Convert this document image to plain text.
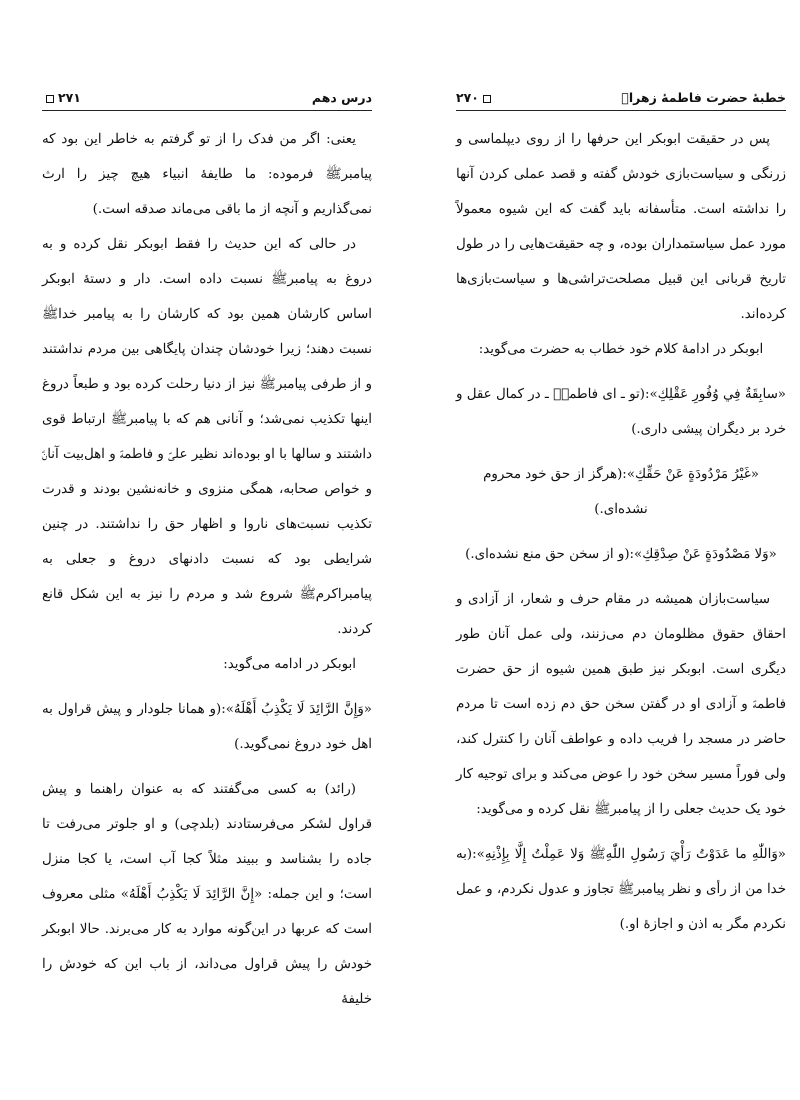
درس دهم
۲۷۱

یعنی: اگر من فدک را از تو گرفتم به خاطر این بود که پیامبرﷺ فرموده: ما طایفهٔ انبیاء هیچ چیز را ارث نمی‌گذاریم و آنچه از ما باقی می‌ماند صدقه است.)

در حالی که این حدیث را فقط ابوبکر نقل کرده و به دروغ به پیامبرﷺ نسبت داده است. دار و دستهٔ ابوبکر اساس کارشان همین بود که کارشان را به پیامبر خداﷺ نسبت دهند؛ زیرا خودشان چندان پایگاهی بین مردم نداشتند و از طرفی پیامبرﷺ نیز از دنیا رحلت کرده بود و طبعاً دروغ اینها تکذیب نمی‌شد؛ و آنانی هم که با پیامبرﷺ ارتباط قوی داشتند و سالها با او بوده‌اند نظیر علیؑ و فاطمهؑ و اهل‌بیت آنانؑ و خواص صحابه، همگی منزوی و خانه‌نشین بودند و قدرت تکذیب نسبت‌های ناروا و اظهار حق را نداشتند. در چنین شرایطی بود که نسبت دادنهای دروغ و جعلی به پیامبراکرمﷺ شروع شد و مردم را نیز به این شکل قانع کردند.

ابوبکر در ادامه می‌گوید:

«وَإِنَّ الرَّائِدَ لَا یَکْذِبُ أَهْلَهُ»:(و همانا جلودار و پیش قراول به اهل خود دروغ نمی‌گوید.)

(رائد) به کسی می‌گفتند که به عنوان راهنما و پیش قراول لشکر می‌فرستادند (بلدچی) و او جلوتر می‌رفت تا جاده را بشناسد و ببیند مثلاً کجا آب است، یا کجا منزل است؛ و این جمله: «إِنَّ الرَّائِدَ لَا یَکْذِبُ أَهْلَهُ» مثلی معروف است که عربها در این‌گونه موارد به کار می‌برند. حالا ابوبکر خودش را پیش قراول می‌داند، از باب این که خودش را خلیفهٔ

خطبهٔ حضرت فاطمهٔ زهراؑ
۲۷۰

پس در حقیقت ابوبکر این حرفها را از روی دیپلماسی و زرنگی و سیاست‌بازی خودش گفته و قصد عملی کردن آنها را نداشته است. متأسفانه باید گفت که این شیوه معمولاً مورد عمل سیاستمداران بوده، و چه حقیقت‌هایی را در طول تاریخ قربانی این قبیل مصلحت‌تراشی‌ها و سیاست‌بازی‌ها کرده‌اند.

ابوبکر در ادامهٔ کلام خود خطاب به حضرت می‌گوید:

«سابِقَةٌ فِي وُفُورِ عَقْلِكِ»:(تو ـ ای فاطمهؑ ـ در کمال عقل و خرد بر دیگران پیشی داری.)

«غَيْرُ مَرْدُودَةٍ عَنْ حَقِّكِ»:(هرگز از حق خود محروم نشده‌ای.)

«وَلا مَصْدُودَةٍ عَنْ صِدْقِكِ»:(و از سخن حق منع نشده‌ای.)

سیاست‌بازان همیشه در مقام حرف و شعار، از آزادی و احقاق حقوق مظلومان دم می‌زنند، ولی عمل آنان طور دیگری است. ابوبکر نیز طبق همین شیوه از حق حضرت فاطمهؑ و آزادی او در گفتن سخن حق دم زده است تا مردم حاضر در مسجد را فریب داده و عواطف آنان را کنترل کند، ولی فوراً مسیر سخن خود را عوض می‌کند و برای توجیه کار خود یک حدیث جعلی را از پیامبرﷺ نقل کرده و می‌گوید:

«وَاللّٰهِ ما عَدَوْتُ رَأْيَ رَسُولِ اللّٰهِﷺ وَلا عَمِلْتُ إِلَّا بِإِذْنِهِ»:(به خدا من از رأی و نظر پیامبرﷺ تجاوز و عدول نکردم، و عمل نکردم مگر به اذن و اجازهٔ او.)
